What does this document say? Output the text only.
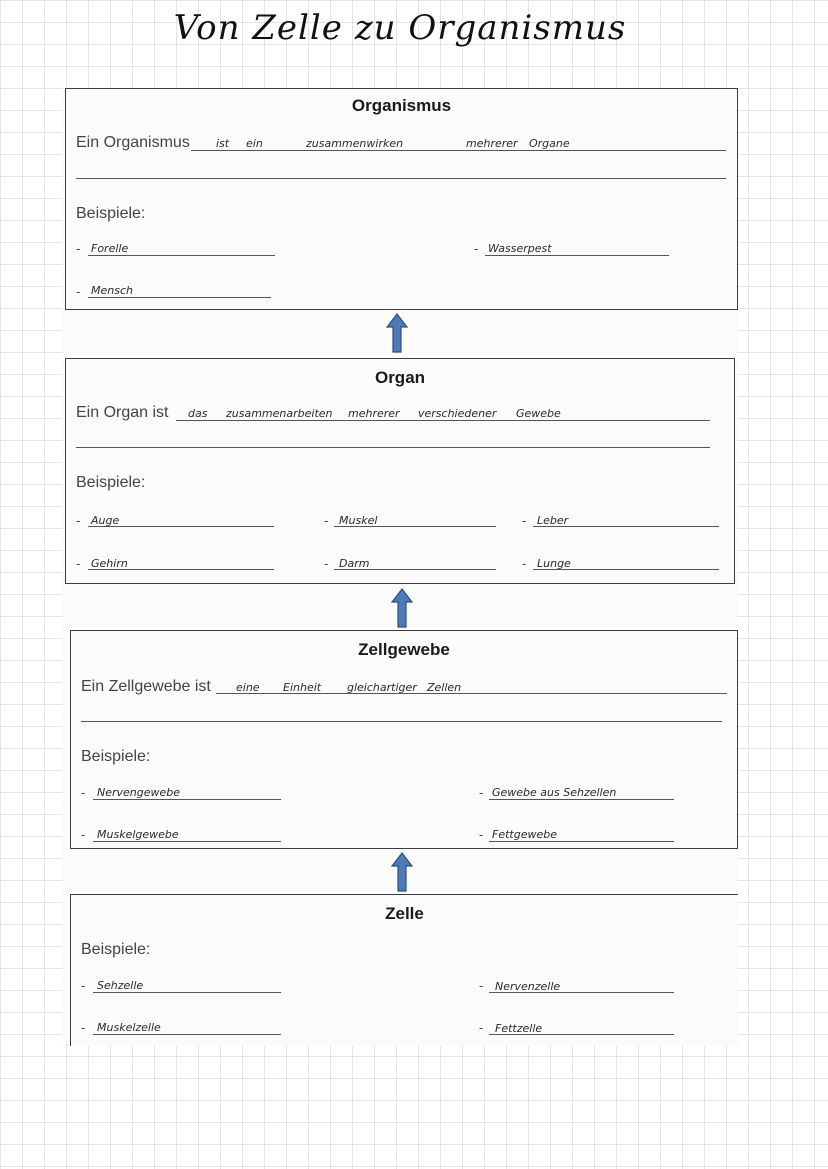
Von Zelle zu Organismus
Organismus
Ein Organismus ist ein	zusammenwirken	mehrerer Organe
Beispiele:
- Forelle	- Wasserpest
- Mensch
Organ
Ein Organ ist das zusammenarbeiten mehrerer verschiedener Gewebe
Beispiele:
- Auge	- Muskel	- Leber
- Gehirn	- Darm	- Lunge
Zellgewebe
Ein Zellgewebe ist eine Einheit gleichartiger Zellen
Beispiele:
- Nervengewebe	- Gewebe aus Sehzellen
- Muskelgewebe	- Fettgewebe
Zelle
Beispiele:
- Sehzelle	- Nervenzelle
- Muskelzelle	- Fettzelle
